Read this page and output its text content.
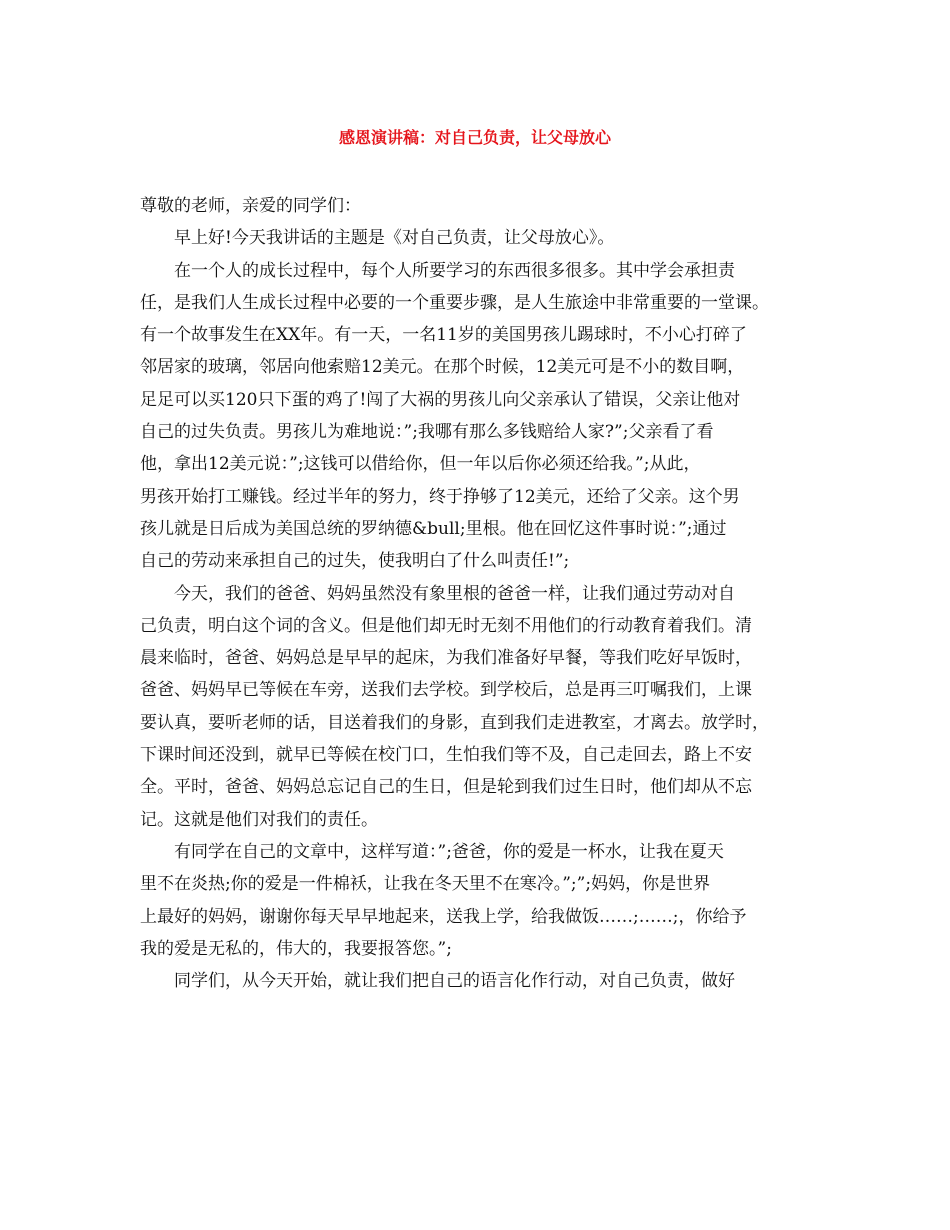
感恩演讲稿：对自己负责，让父母放心
尊敬的老师，亲爱的同学们：
早上好!今天我讲话的主题是《对自己负责，让父母放心》。
在一个人的成长过程中，每个人所要学习的东西很多很多。其中学会承担责
任，是我们人生成长过程中必要的一个重要步骤，是人生旅途中非常重要的一堂课。
有一个故事发生在XX年。有一天，一名11岁的美国男孩儿踢球时，不小心打碎了
邻居家的玻璃，邻居向他索赔12美元。在那个时候，12美元可是不小的数目啊，
足足可以买120只下蛋的鸡了!闯了大祸的男孩儿向父亲承认了错误，父亲让他对
自己的过失负责。男孩儿为难地说：”;我哪有那么多钱赔给人家?”;父亲看了看
他，拿出12美元说：”;这钱可以借给你，但一年以后你必须还给我。”;从此，
男孩开始打工赚钱。经过半年的努力，终于挣够了12美元，还给了父亲。这个男
孩儿就是日后成为美国总统的罗纳德&bull;里根。他在回忆这件事时说：”;通过
自己的劳动来承担自己的过失，使我明白了什么叫责任!”;
今天，我们的爸爸、妈妈虽然没有象里根的爸爸一样，让我们通过劳动对自
己负责，明白这个词的含义。但是他们却无时无刻不用他们的行动教育着我们。清
晨来临时，爸爸、妈妈总是早早的起床，为我们准备好早餐，等我们吃好早饭时，
爸爸、妈妈早已等候在车旁，送我们去学校。到学校后，总是再三叮嘱我们，上课
要认真，要听老师的话，目送着我们的身影，直到我们走进教室，才离去。放学时，
下课时间还没到，就早已等候在校门口，生怕我们等不及，自己走回去，路上不安
全。平时，爸爸、妈妈总忘记自己的生日，但是轮到我们过生日时，他们却从不忘
记。这就是他们对我们的责任。
有同学在自己的文章中，这样写道：”;爸爸，你的爱是一杯水，让我在夏天
里不在炎热;你的爱是一件棉袄，让我在冬天里不在寒冷。”;”;妈妈，你是世界
上最好的妈妈，谢谢你每天早早地起来，送我上学，给我做饭……;……;，你给予
我的爱是无私的，伟大的，我要报答您。”;
同学们，从今天开始，就让我们把自己的语言化作行动，对自己负责，做好
